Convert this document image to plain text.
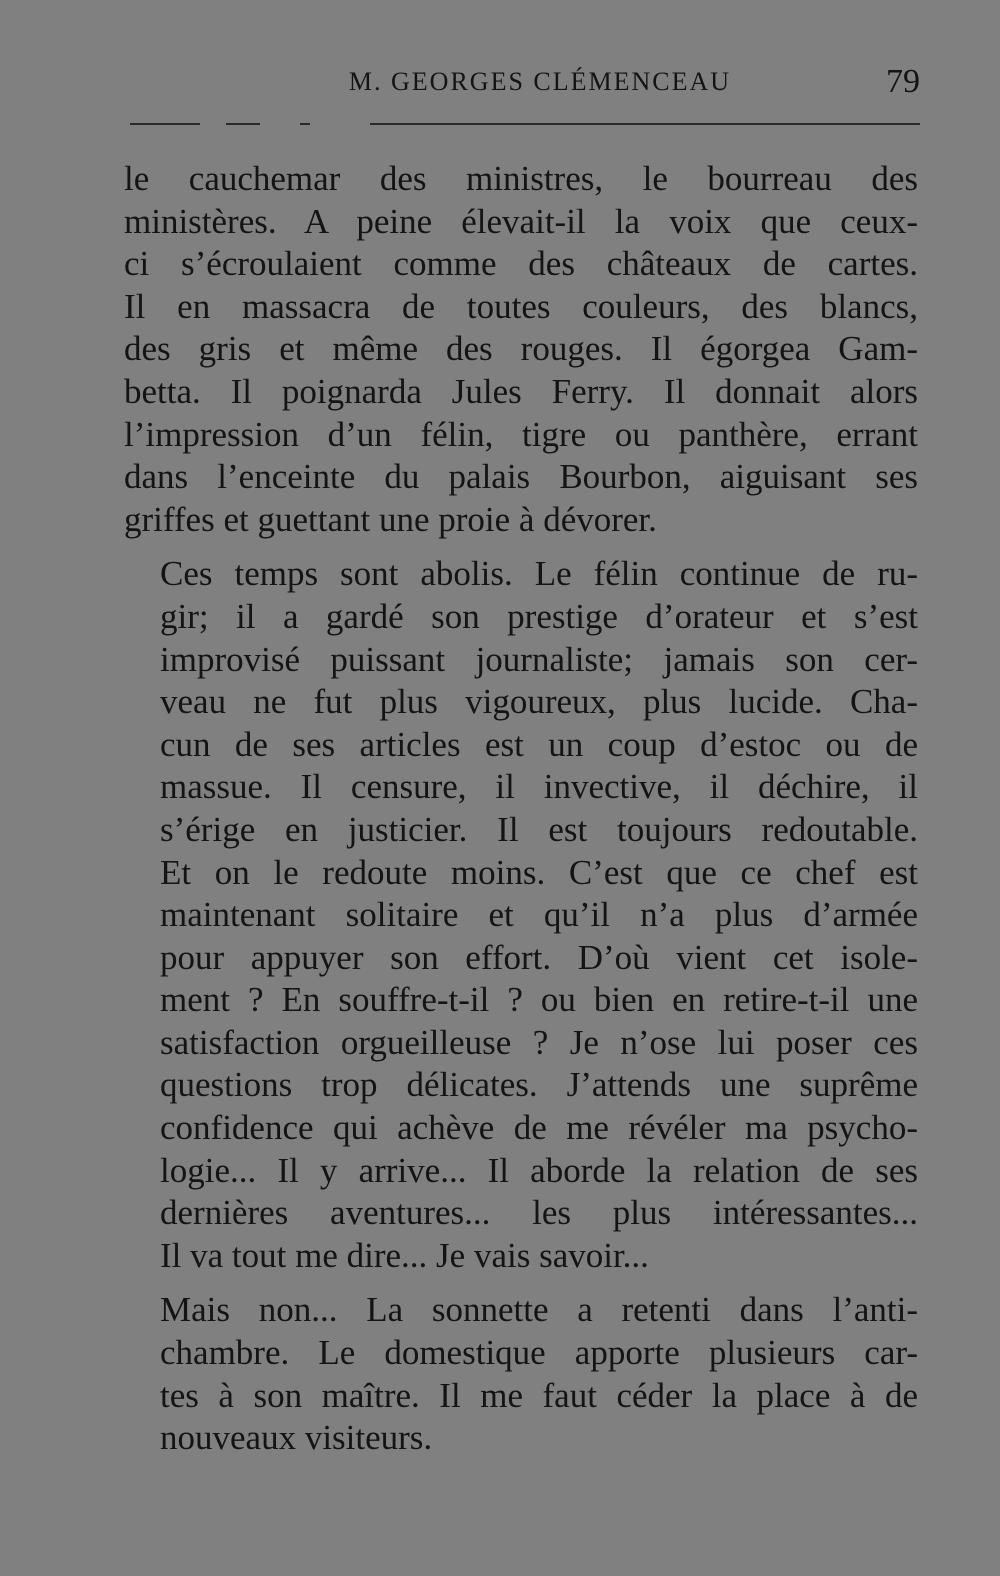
M. GEORGES CLÉMENCEAU	79

le cauchemar des ministres, le bourreau des
ministères. A peine élevait-il la voix que ceux-
ci s’écroulaient comme des châteaux de cartes.
Il en massacra de toutes couleurs, des blancs,
des gris et même des rouges. Il égorgea Gam-
betta. Il poignarda Jules Ferry. Il donnait alors
l’impression d’un félin, tigre ou panthère, errant
dans l’enceinte du palais Bourbon, aiguisant ses
griffes et guettant une proie à dévorer.

Ces temps sont abolis. Le félin continue de ru-
gir; il a gardé son prestige d’orateur et s’est
improvisé puissant journaliste; jamais son cer-
veau ne fut plus vigoureux, plus lucide. Cha-
cun de ses articles est un coup d’estoc ou de
massue. Il censure, il invective, il déchire, il
s’érige en justicier. Il est toujours redoutable.
Et on le redoute moins. C’est que ce chef est
maintenant solitaire et qu’il n’a plus d’armée
pour appuyer son effort. D’où vient cet isole-
ment ? En souffre-t-il ? ou bien en retire-t-il une
satisfaction orgueilleuse ? Je n’ose lui poser ces
questions trop délicates. J’attends une suprême
confidence qui achève de me révéler ma psycho-
logie... Il y arrive... Il aborde la relation de ses
dernières aventures... les plus intéressantes...
Il va tout me dire... Je vais savoir...

Mais non... La sonnette a retenti dans l’anti-
chambre. Le domestique apporte plusieurs car-
tes à son maître. Il me faut céder la place à de
nouveaux visiteurs.
